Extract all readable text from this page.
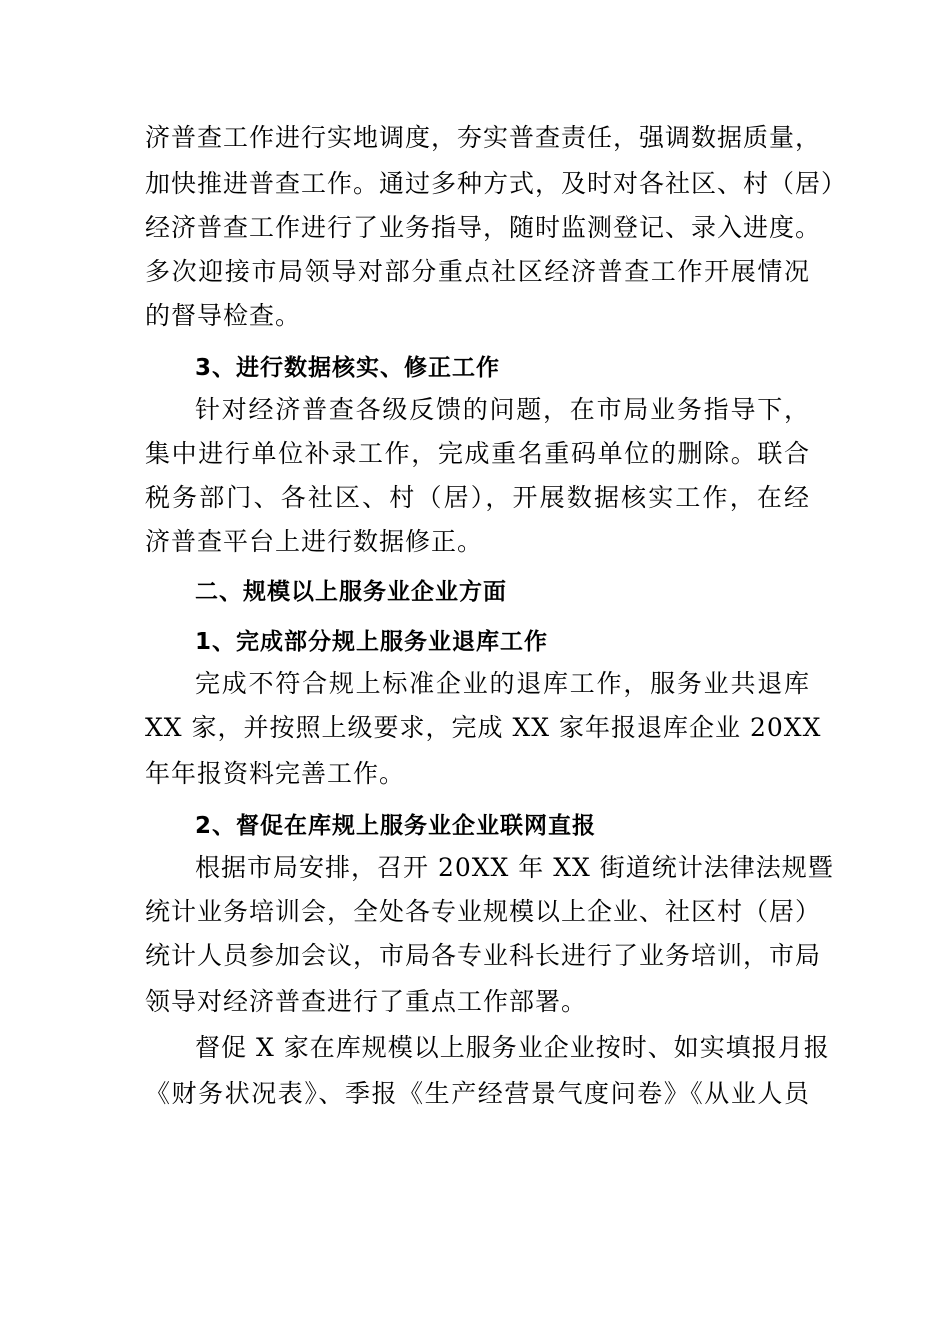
济普查工作进行实地调度，夯实普查责任，强调数据质量，
加快推进普查工作。通过多种方式，及时对各社区、村（居）
经济普查工作进行了业务指导，随时监测登记、录入进度。
多次迎接市局领导对部分重点社区经济普查工作开展情况
的督导检查。
3、进行数据核实、修正工作
针对经济普查各级反馈的问题，在市局业务指导下，
集中进行单位补录工作，完成重名重码单位的删除。联合
税务部门、各社区、村（居），开展数据核实工作，在经
济普查平台上进行数据修正。
二、规模以上服务业企业方面
1、完成部分规上服务业退库工作
完成不符合规上标准企业的退库工作，服务业共退库
XX 家，并按照上级要求，完成 XX 家年报退库企业 20XX
年年报资料完善工作。
2、督促在库规上服务业企业联网直报
根据市局安排，召开 20XX 年 XX 街道统计法律法规暨
统计业务培训会，全处各专业规模以上企业、社区村（居）
统计人员参加会议，市局各专业科长进行了业务培训，市局
领导对经济普查进行了重点工作部署。
督促 X 家在库规模以上服务业企业按时、如实填报月报
《财务状况表》、季报《生产经营景气度问卷》《从业人员
